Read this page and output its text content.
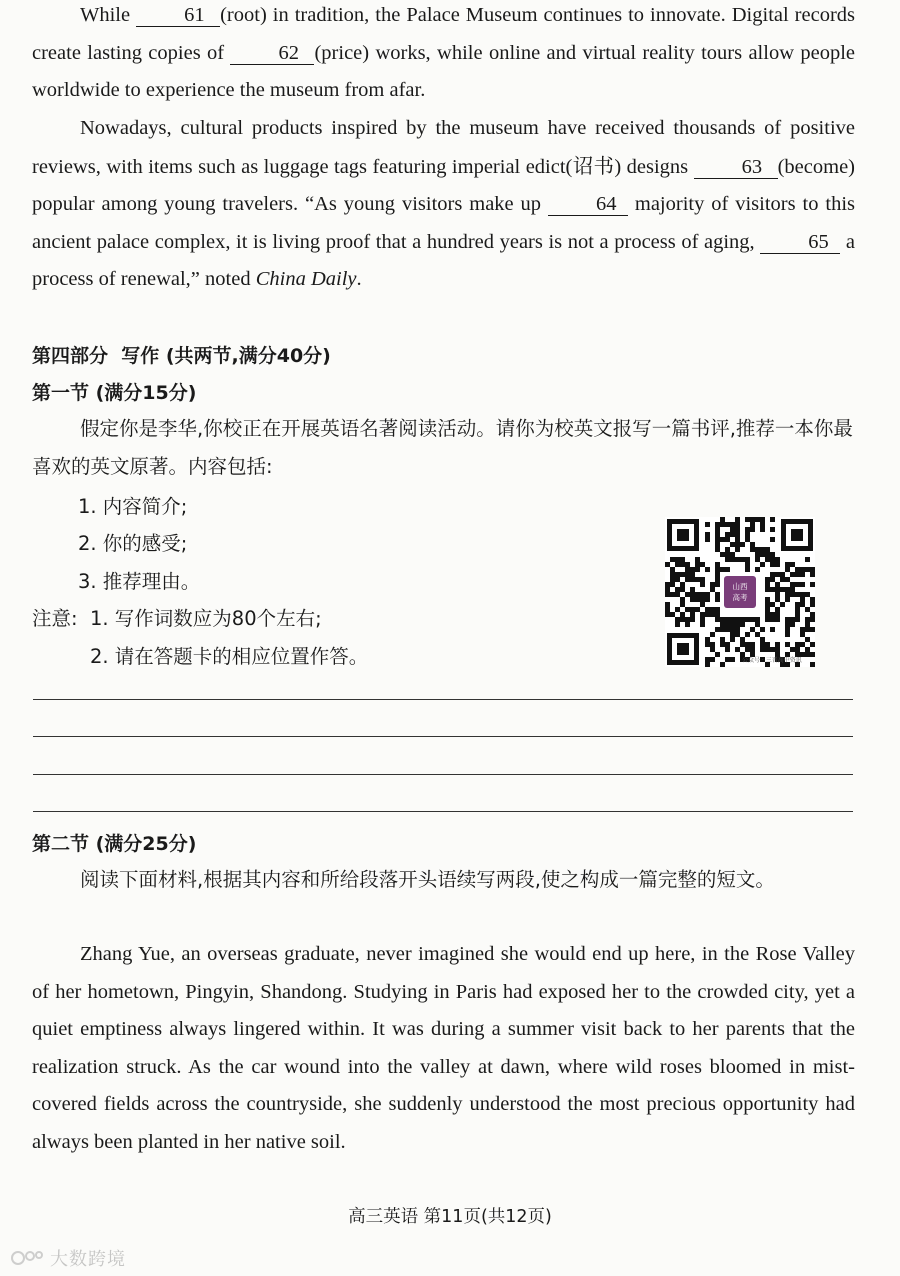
While 61 (root) in tradition, the Palace Museum continues to innovate. Digital records create lasting copies of 62 (price) works, while online and virtual reality tours allow people worldwide to experience the museum from afar.

Nowadays, cultural products inspired by the museum have received thousands of positive reviews, with items such as luggage tags featuring imperial edict(诏书) designs 63 (become) popular among young travelers. “As young visitors make up 64 majority of visitors to this ancient palace complex, it is living proof that a hundred years is not a process of aging, 65 a process of renewal,” noted China Daily.

第四部分  写作 (共两节,满分40分)

第一节 (满分15分)

假定你是李华,你校正在开展英语名著阅读活动。请你为校英文报写一篇书评,推荐一本你最喜欢的英文原著。内容包括:

1. 内容简介;

2. 你的感受;

3. 推荐理由。

注意: 1. 写作词数应为80个左右;

2. 请在答题卡的相应位置作答。

山西
高考
公众号 · 三晋高中资讯

第二节 (满分25分)

阅读下面材料,根据其内容和所给段落开头语续写两段,使之构成一篇完整的短文。

Zhang Yue, an overseas graduate, never imagined she would end up here, in the Rose Valley of her hometown, Pingyin, Shandong. Studying in Paris had exposed her to the crowded city, yet a quiet emptiness always lingered within. It was during a summer visit back to her parents that the realization struck. As the car wound into the valley at dawn, where wild roses bloomed in mist-covered fields across the countryside, she suddenly understood the most precious opportunity had always been planted in her native soil.

高三英语 第11页(共12页)

大数跨境
